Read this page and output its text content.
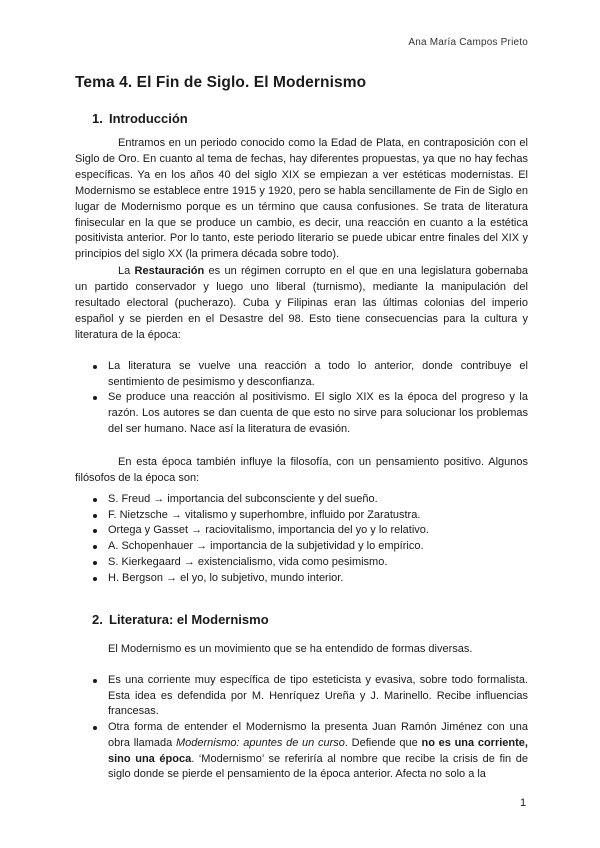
Ana María Campos Prieto
Tema 4. El Fin de Siglo. El Modernismo
1. Introducción

Entramos en un periodo conocido como la Edad de Plata, en contraposición con el Siglo de Oro. En cuanto al tema de fechas, hay diferentes propuestas, ya que no hay fechas específicas. Ya en los años 40 del siglo XIX se empiezan a ver estéticas modernistas. El Modernismo se establece entre 1915 y 1920, pero se habla sencillamente de Fin de Siglo en lugar de Modernismo porque es un término que causa confusiones. Se trata de literatura finisecular en la que se produce un cambio, es decir, una reacción en cuanto a la estética positivista anterior. Por lo tanto, este periodo literario se puede ubicar entre finales del XIX y principios del siglo XX (la primera década sobre todo).

La Restauración es un régimen corrupto en el que en una legislatura gobernaba un partido conservador y luego uno liberal (turnismo), mediante la manipulación del resultado electoral (pucherazo). Cuba y Filipinas eran las últimas colonias del imperio español y se pierden en el Desastre del 98. Esto tiene consecuencias para la cultura y literatura de la época:

La literatura se vuelve una reacción a todo lo anterior, donde contribuye el sentimiento de pesimismo y desconfianza.
Se produce una reacción al positivismo. El siglo XIX es la época del progreso y la razón. Los autores se dan cuenta de que esto no sirve para solucionar los problemas del ser humano. Nace así la literatura de evasión.

En esta época también influye la filosofía, con un pensamiento positivo. Algunos filósofos de la época son:

S. Freud → importancia del subconsciente y del sueño.
F. Nietzsche → vitalismo y superhombre, influido por Zaratustra.
Ortega y Gasset → raciovitalismo, importancia del yo y lo relativo.
A. Schopenhauer → importancia de la subjetividad y lo empírico.
S. Kierkegaard → existencialismo, vida como pesimismo.
H. Bergson → el yo, lo subjetivo, mundo interior.
2. Literatura: el Modernismo

El Modernismo es un movimiento que se ha entendido de formas diversas.

Es una corriente muy específica de tipo esteticista y evasiva, sobre todo formalista. Esta idea es defendida por M. Henríquez Ureña y J. Marinello. Recibe influencias francesas.
Otra forma de entender el Modernismo la presenta Juan Ramón Jiménez con una obra llamada Modernismo: apuntes de un curso. Defiende que no es una corriente, sino una época. ‘Modernismo’ se referiría al nombre que recibe la crisis de fin de siglo donde se pierde el pensamiento de la época anterior. Afecta no solo a la
1
